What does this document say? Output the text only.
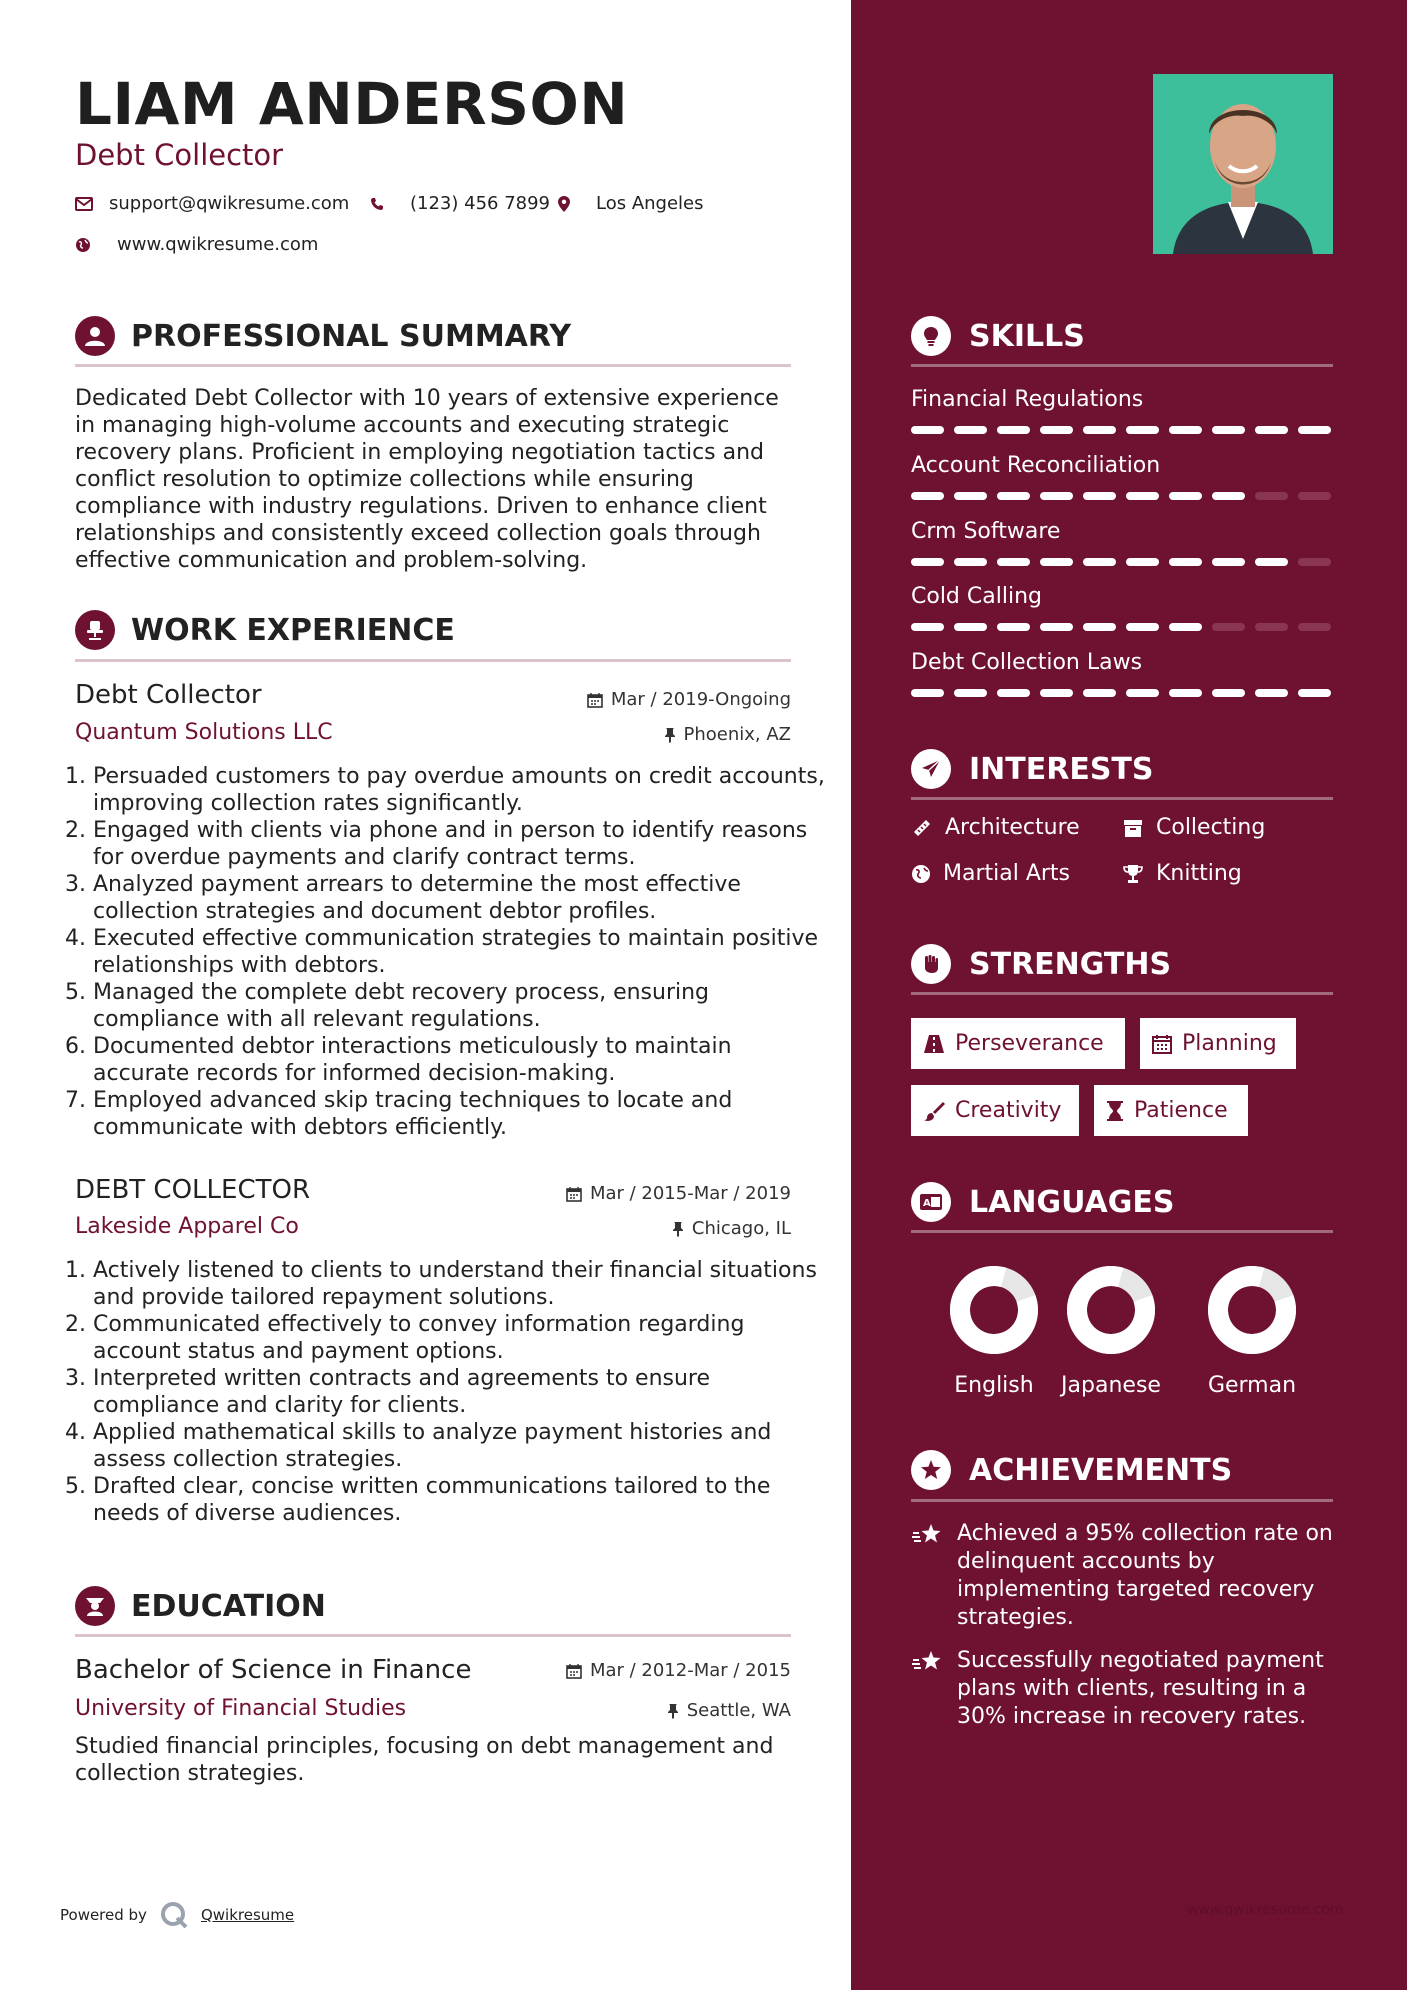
LIAM ANDERSON
Debt Collector
support@qwikresume.com	(123) 456 7899	Los Angeles
www.qwikresume.com
PROFESSIONAL SUMMARY
Dedicated Debt Collector with 10 years of extensive experience in managing high-volume accounts and executing strategic recovery plans. Proficient in employing negotiation tactics and conflict resolution to optimize collections while ensuring compliance with industry regulations. Driven to enhance client relationships and consistently exceed collection goals through effective communication and problem-solving.
WORK EXPERIENCE
Debt Collector	Mar / 2019-Ongoing
Quantum Solutions LLC	Phoenix, AZ
1. Persuaded customers to pay overdue amounts on credit accounts, improving collection rates significantly.
2. Engaged with clients via phone and in person to identify reasons for overdue payments and clarify contract terms.
3. Analyzed payment arrears to determine the most effective collection strategies and document debtor profiles.
4. Executed effective communication strategies to maintain positive relationships with debtors.
5. Managed the complete debt recovery process, ensuring compliance with all relevant regulations.
6. Documented debtor interactions meticulously to maintain accurate records for informed decision-making.
7. Employed advanced skip tracing techniques to locate and communicate with debtors efficiently.
DEBT COLLECTOR	Mar / 2015-Mar / 2019
Lakeside Apparel Co	Chicago, IL
1. Actively listened to clients to understand their financial situations and provide tailored repayment solutions.
2. Communicated effectively to convey information regarding account status and payment options.
3. Interpreted written contracts and agreements to ensure compliance and clarity for clients.
4. Applied mathematical skills to analyze payment histories and assess collection strategies.
5. Drafted clear, concise written communications tailored to the needs of diverse audiences.
EDUCATION
Bachelor of Science in Finance	Mar / 2012-Mar / 2015
University of Financial Studies	Seattle, WA
Studied financial principles, focusing on debt management and collection strategies.
Powered by	Qwikresume
SKILLS
Financial Regulations
Account Reconciliation
Crm Software
Cold Calling
Debt Collection Laws
INTERESTS
Architecture	Collecting
Martial Arts	Knitting
STRENGTHS
Perseverance	Planning
Creativity	Patience
A LANGUAGES
English	Japanese	German
ACHIEVEMENTS
Achieved a 95% collection rate on delinquent accounts by implementing targeted recovery strategies.
Successfully negotiated payment plans with clients, resulting in a 30% increase in recovery rates.
www.qwikresume.com
